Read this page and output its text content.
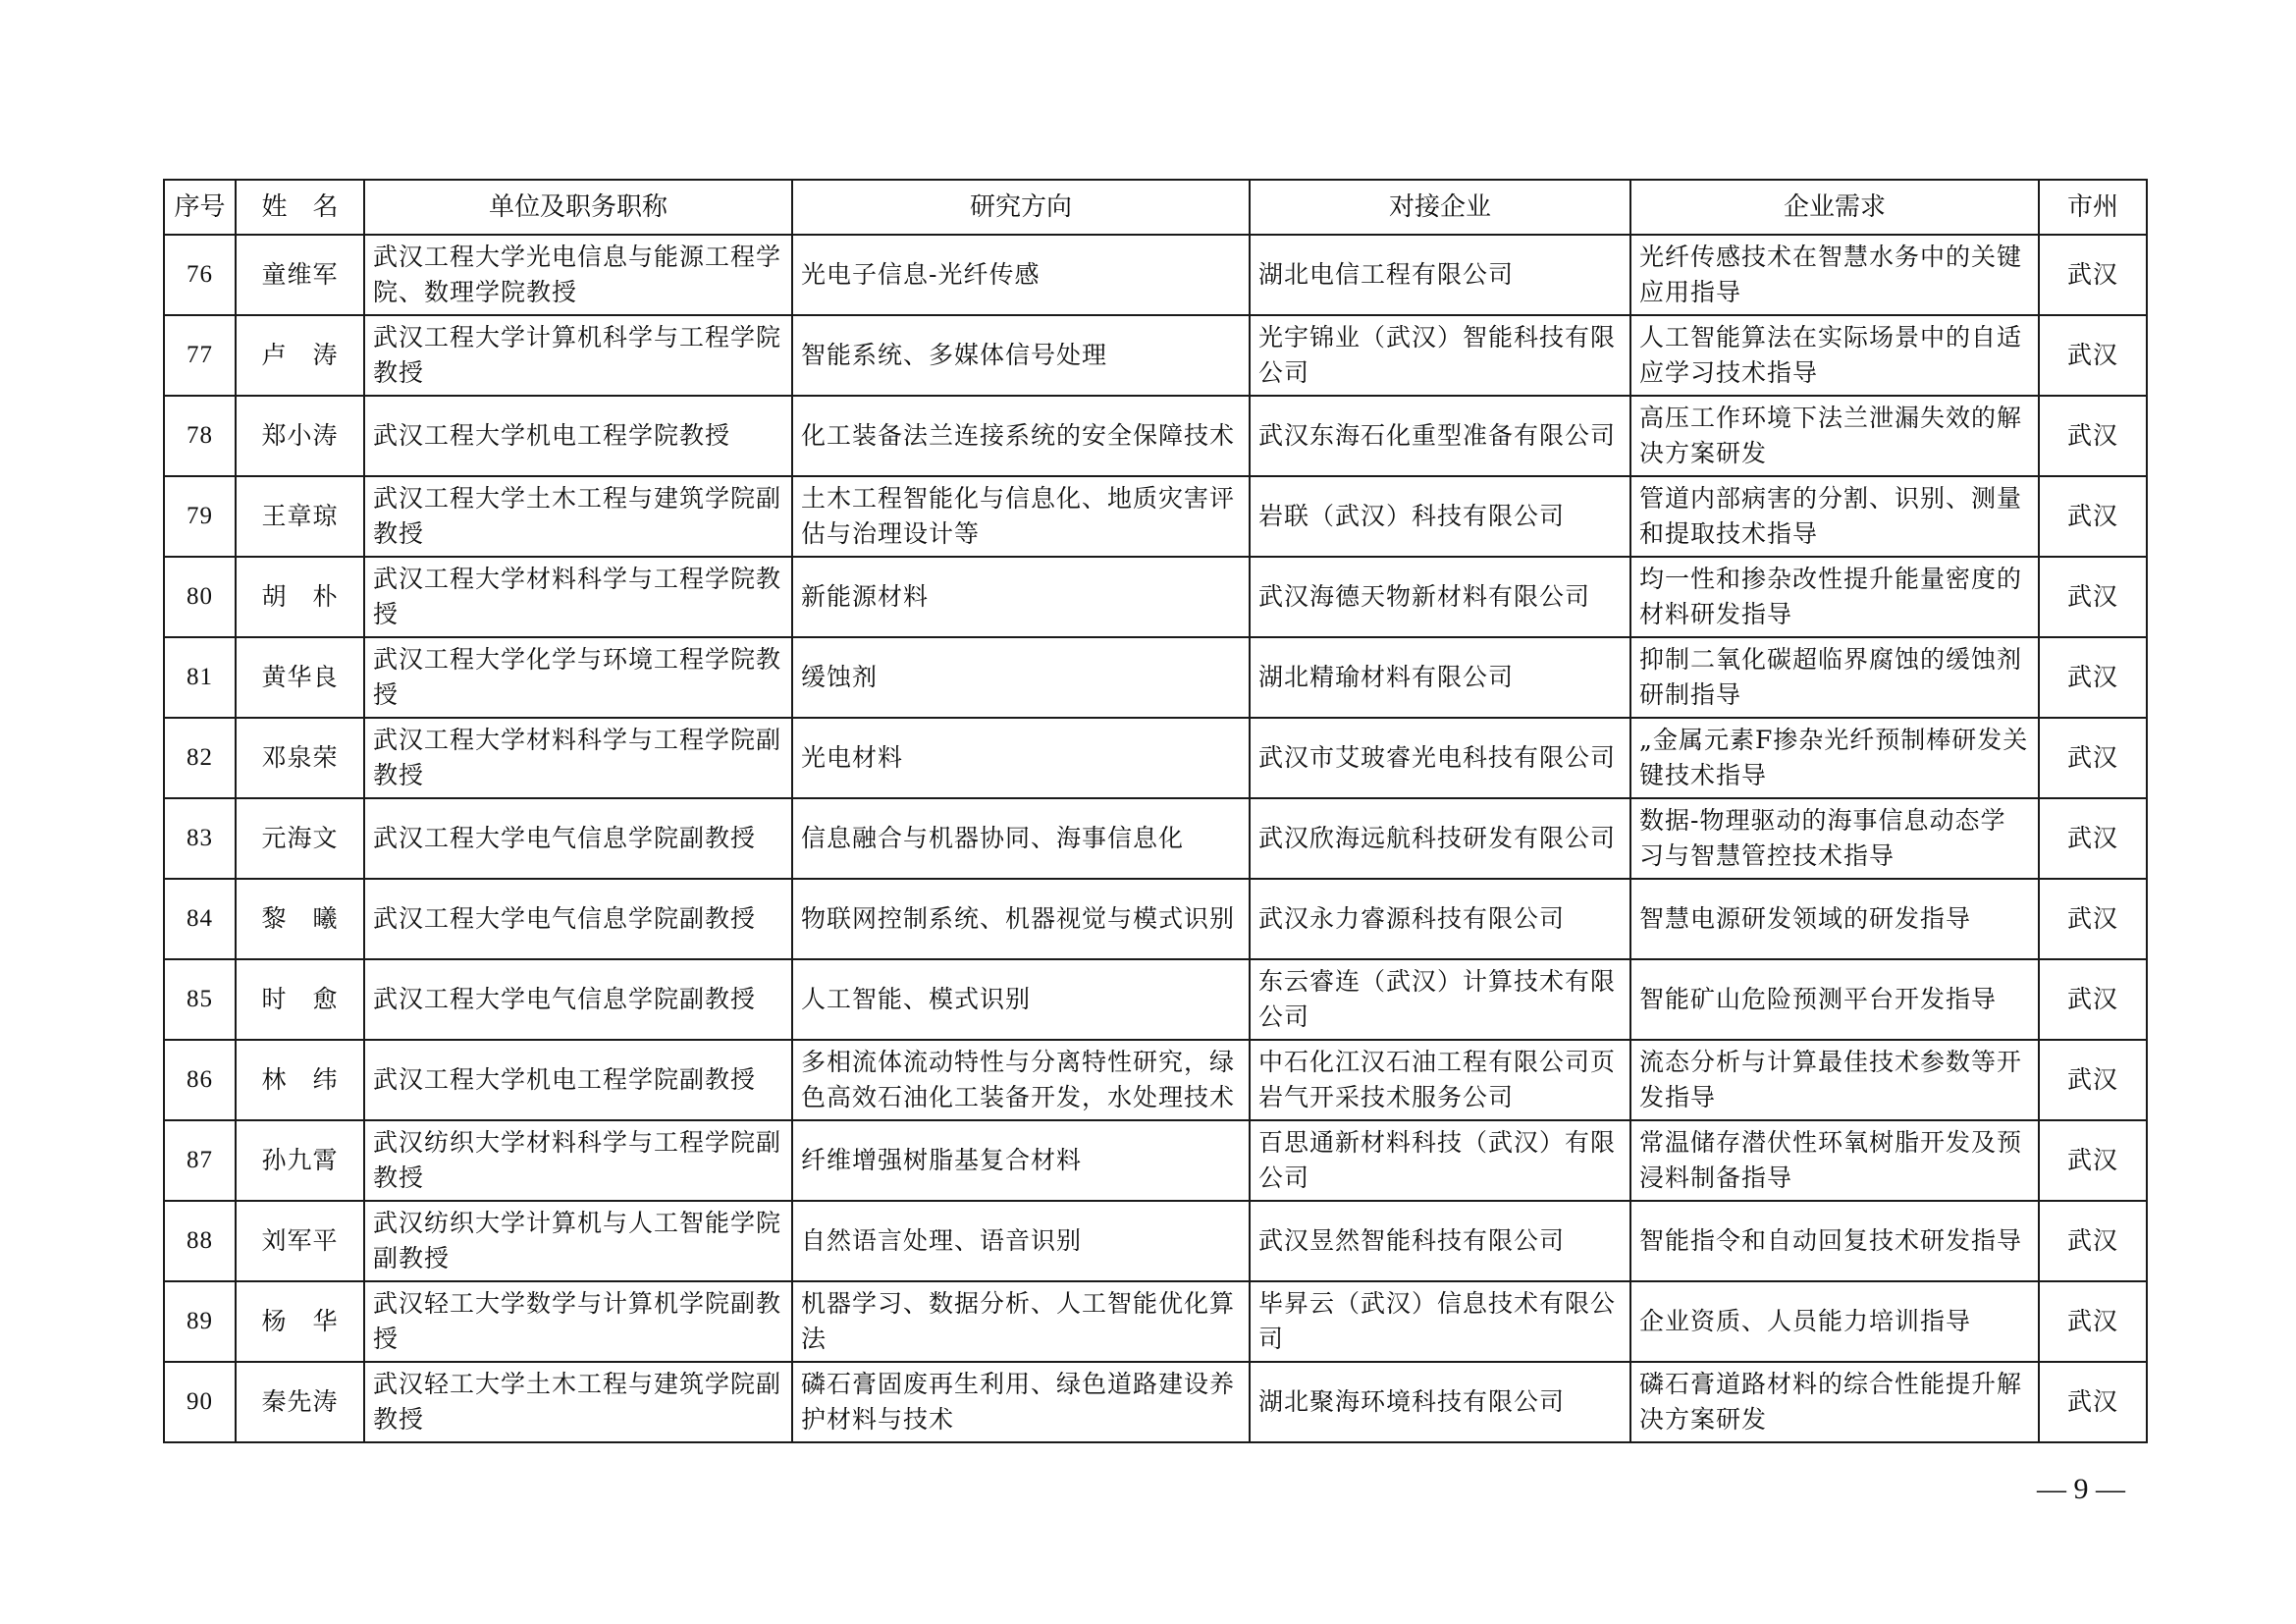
序号	姓　名	单位及职务职称	研究方向	对接企业	企业需求	市州
76	童维军	武汉工程大学光电信息与能源工程学院、数理学院教授	光电子信息-光纤传感	湖北电信工程有限公司	光纤传感技术在智慧水务中的关键应用指导	武汉
77	卢　涛	武汉工程大学计算机科学与工程学院教授	智能系统、多媒体信号处理	光宇锦业（武汉）智能科技有限公司	人工智能算法在实际场景中的自适应学习技术指导	武汉
78	郑小涛	武汉工程大学机电工程学院教授	化工装备法兰连接系统的安全保障技术	武汉东海石化重型准备有限公司	高压工作环境下法兰泄漏失效的解决方案研发	武汉
79	王章琼	武汉工程大学土木工程与建筑学院副教授	土木工程智能化与信息化、地质灾害评估与治理设计等	岩联（武汉）科技有限公司	管道内部病害的分割、识别、测量和提取技术指导	武汉
80	胡　朴	武汉工程大学材料科学与工程学院教授	新能源材料	武汉海德天物新材料有限公司	均一性和掺杂改性提升能量密度的材料研发指导	武汉
81	黄华良	武汉工程大学化学与环境工程学院教授	缓蚀剂	湖北精瑜材料有限公司	抑制二氧化碳超临界腐蚀的缓蚀剂研制指导	武汉
82	邓泉荣	武汉工程大学材料科学与工程学院副教授	光电材料	武汉市艾玻睿光电科技有限公司	„金属元素F掺杂光纤预制棒研发关键技术指导	武汉
83	元海文	武汉工程大学电气信息学院副教授	信息融合与机器协同、海事信息化	武汉欣海远航科技研发有限公司	数据-物理驱动的海事信息动态学习与智慧管控技术指导	武汉
84	黎　曦	武汉工程大学电气信息学院副教授	物联网控制系统、机器视觉与模式识别	武汉永力睿源科技有限公司	智慧电源研发领域的研发指导	武汉
85	时　愈	武汉工程大学电气信息学院副教授	人工智能、模式识别	东云睿连（武汉）计算技术有限公司	智能矿山危险预测平台开发指导	武汉
86	林　纬	武汉工程大学机电工程学院副教授	多相流体流动特性与分离特性研究，绿色高效石油化工装备开发，水处理技术	中石化江汉石油工程有限公司页岩气开采技术服务公司	流态分析与计算最佳技术参数等开发指导	武汉
87	孙九霄	武汉纺织大学材料科学与工程学院副教授	纤维增强树脂基复合材料	百思通新材料科技（武汉）有限公司	常温储存潜伏性环氧树脂开发及预浸料制备指导	武汉
88	刘军平	武汉纺织大学计算机与人工智能学院副教授	自然语言处理、语音识别	武汉昱然智能科技有限公司	智能指令和自动回复技术研发指导	武汉
89	杨　华	武汉轻工大学数学与计算机学院副教授	机器学习、数据分析、人工智能优化算法	毕昇云（武汉）信息技术有限公司	企业资质、人员能力培训指导	武汉
90	秦先涛	武汉轻工大学土木工程与建筑学院副教授	磷石膏固废再生利用、绿色道路建设养护材料与技术	湖北聚海环境科技有限公司	磷石膏道路材料的综合性能提升解决方案研发	武汉
— 9 —
